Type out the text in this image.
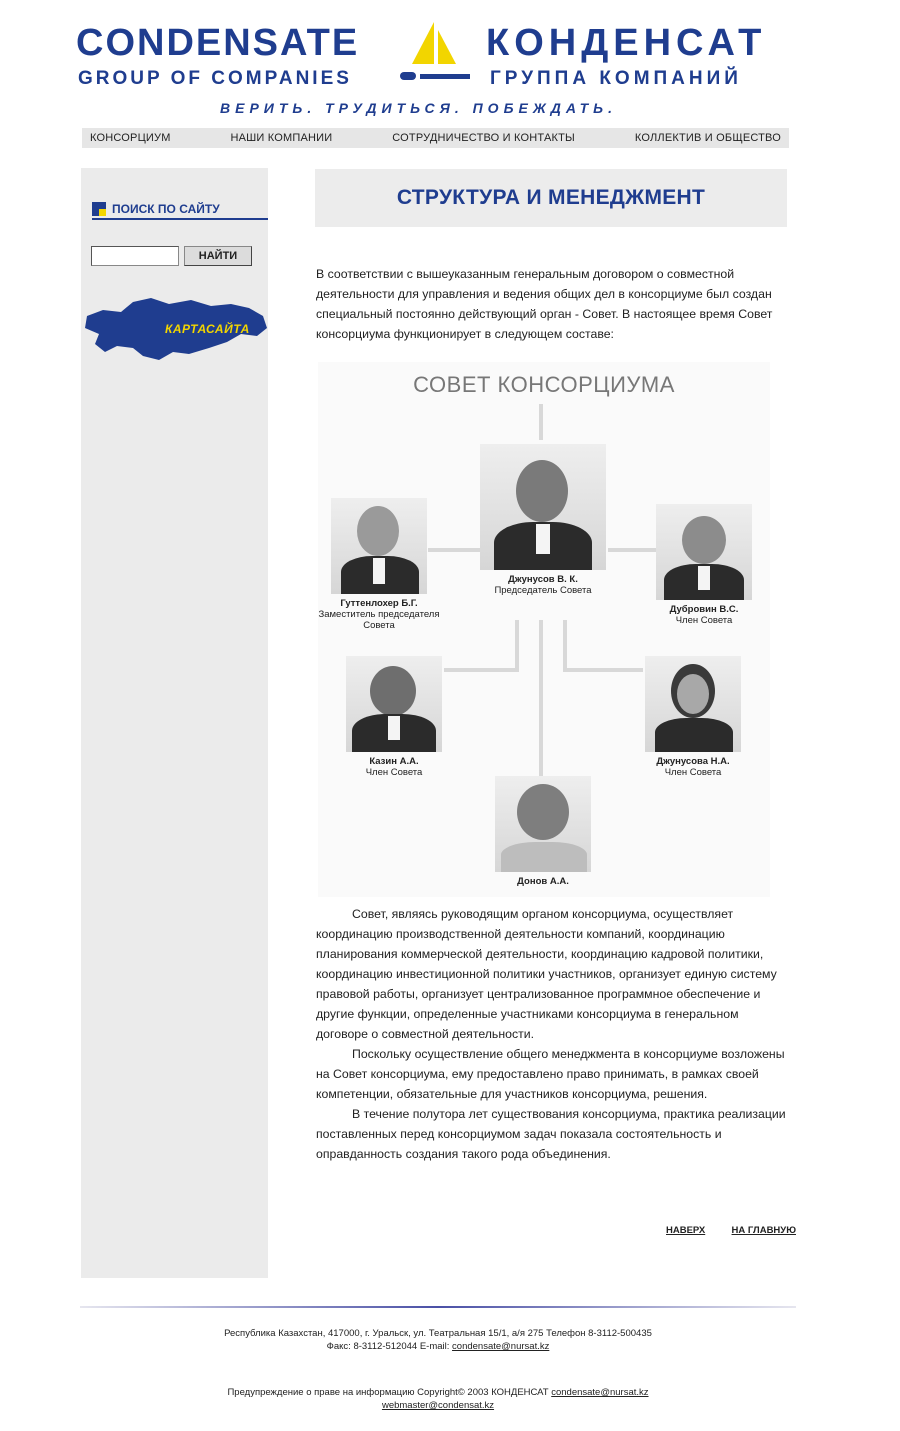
CONDENSATE
GROUP OF COMPANIES
КОНДЕНСАТ
ГРУППА КОМПАНИЙ
ВЕРИТЬ. ТРУДИТЬСЯ. ПОБЕЖДАТЬ.
КОНСОРЦИУМ	НАШИ КОМПАНИИ	СОТРУДНИЧЕСТВО И КОНТАКТЫ	КОЛЛЕКТИВ И ОБЩЕСТВО
ПОИСК ПО САЙТУ
НАЙТИ
КАРТАСАЙТА
СТРУКТУРА И МЕНЕДЖМЕНТ

В соответствии с вышеуказанным генеральным договором о совместной деятельности для управления и ведения общих дел в консорциуме был создан специальный постоянно действующий орган - Совет. В настоящее время Совет консорциума функционирует в следующем составе:

СОВЕТ КОНСОРЦИУМА
Джунусов В. К.
Председатель Совета
Гуттенлохер Б.Г.
Заместитель председателя Совета
Дубровин В.С.
Член Совета
Казин А.А.
Член Совета
Джунусова Н.А.
Член Совета
Донов А.А.

Совет, являясь руководящим органом консорциума, осуществляет координацию производственной деятельности компаний, координацию планирования коммерческой деятельности, координацию кадровой политики, координацию инвестиционной политики участников, организует единую систему правовой работы, организует централизованное программное обеспечение и другие функции, определенные участниками консорциума в генеральном договоре о совместной деятельности.

Поскольку осуществление общего менеджмента в консорциуме возложены на Совет консорциума, ему предоставлено право принимать, в рамках своей компетенции, обязательные для участников консорциума, решения.

В течение полутора лет существования консорциума, практика реализации поставленных перед консорциумом задач показала состоятельность и оправданность создания такого рода объединения.

НАВЕРХ	НА ГЛАВНУЮ
Республика Казахстан, 417000, г. Уральск, ул. Театральная 15/1, а/я 275 Телефон 8-3112-500435
Факс: 8-3112-512044 E-mail: condensate@nursat.kz
Предупреждение о праве на информацию Copyright© 2003 КОНДЕНСАТ condensate@nursat.kz
webmaster@condensat.kz
